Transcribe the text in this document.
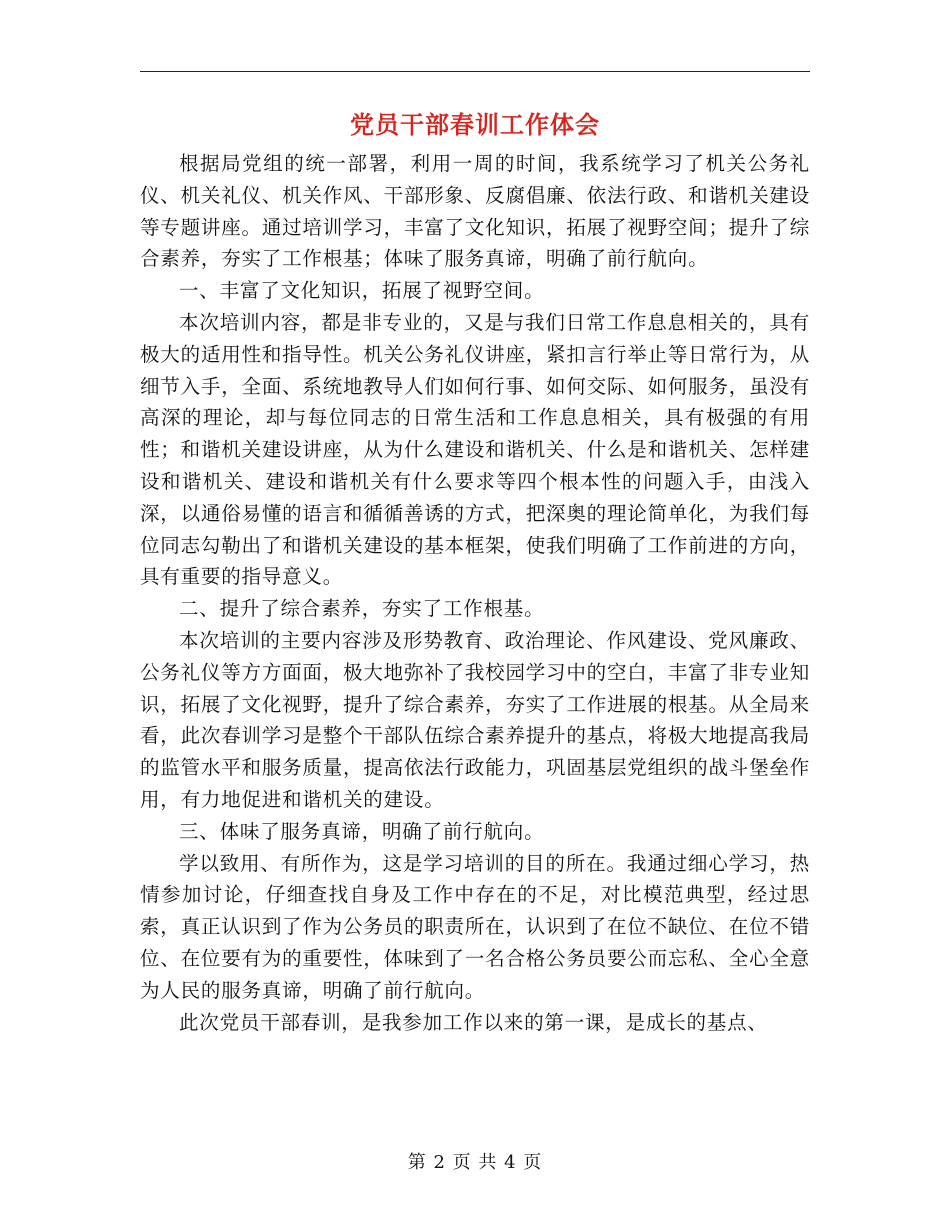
党员干部春训工作体会

根据局党组的统一部署，利用一周的时间，我系统学习了机关公务礼仪、机关礼仪、机关作风、干部形象、反腐倡廉、依法行政、和谐机关建设等专题讲座。通过培训学习，丰富了文化知识，拓展了视野空间；提升了综合素养，夯实了工作根基；体味了服务真谛，明确了前行航向。

一、丰富了文化知识，拓展了视野空间。

本次培训内容，都是非专业的，又是与我们日常工作息息相关的，具有极大的适用性和指导性。机关公务礼仪讲座，紧扣言行举止等日常行为，从细节入手，全面、系统地教导人们如何行事、如何交际、如何服务，虽没有高深的理论，却与每位同志的日常生活和工作息息相关，具有极强的有用性；和谐机关建设讲座，从为什么建设和谐机关、什么是和谐机关、怎样建设和谐机关、建设和谐机关有什么要求等四个根本性的问题入手，由浅入深，以通俗易懂的语言和循循善诱的方式，把深奥的理论简单化，为我们每位同志勾勒出了和谐机关建设的基本框架，使我们明确了工作前进的方向，具有重要的指导意义。

二、提升了综合素养，夯实了工作根基。

本次培训的主要内容涉及形势教育、政治理论、作风建设、党风廉政、公务礼仪等方方面面，极大地弥补了我校园学习中的空白，丰富了非专业知识，拓展了文化视野，提升了综合素养，夯实了工作进展的根基。从全局来看，此次春训学习是整个干部队伍综合素养提升的基点，将极大地提高我局的监管水平和服务质量，提高依法行政能力，巩固基层党组织的战斗堡垒作用，有力地促进和谐机关的建设。

三、体味了服务真谛，明确了前行航向。

学以致用、有所作为，这是学习培训的目的所在。我通过细心学习，热情参加讨论，仔细查找自身及工作中存在的不足，对比模范典型，经过思索，真正认识到了作为公务员的职责所在，认识到了在位不缺位、在位不错位、在位要有为的重要性，体味到了一名合格公务员要公而忘私、全心全意为人民的服务真谛，明确了前行航向。

此次党员干部春训，是我参加工作以来的第一课，是成长的基点、

第 2 页 共 4 页
